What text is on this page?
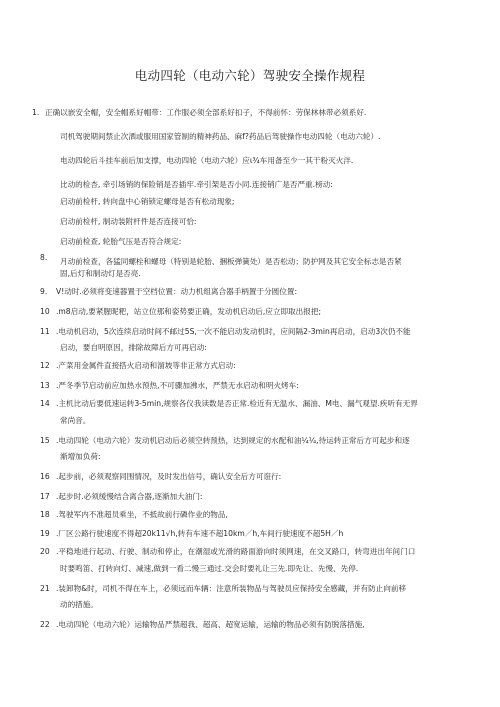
电动四轮（电动六轮）驾驶安全操作规程
1. 正确以嵌安全帽，安全帽系好帽带：工作服必须全部系好扣子，不得前怀：劳保林林带必须系好.
司机驾驶期间禁止次洒或服用国家管制的精神药品、麻f?药品后驾驶操作电动四轮（电动六轮）.
电动四轮后斗挂车前后加支撑，电动四轮（电动六轮）应ι¾车用备至少一其干粉灭火泮.
比动的检杏, 牵引场销的保险销是否插牢.牵引架是否小同.连接销广是否严重.榜动:
启动前检杆, 转向盘中心销锁定螺母是否有松动现象;
启动前检杆, 制动装附杆件是否连接可恰:
启动前检查, 轮胎气压是否符合规定:
8. 月动前检查，各猛同螺栓和螺母（特别是轮胎、捆板弹簧处）是否松动；防护网及其它安全标志是否紧
固,后灯和制动灯是否亮.
9. V!动时.必须将变速器置于空档位置：动力机组离合器手柄置于分圆位置:
10 .m8启动,要紧腥昵粑，站立位那和姿势要正确，发动机启动后,应立即取出报把;
11 .电动机启动，5次连续启动时间不邮过5S,一次不能启动发动机时，应间隔2-3min再启动，启动3次仍不能
启动，要自明原因，排除故障后方可再启动:
12 .产菜用金属件直接搭火启动和溜坡等非正常方式启动:
13 .严冬季节启动前应加热水预热,不可骤加沸水，严禁无水启动和明火烤车:
14 .主机比动后要低速运转3-5min,规察各仪我读数是否正常.检近有无温水、漏油、M电、漏气观望.疾听有无界
常尚音。
15 .电动四轮（电动六轮）发动机启动后必须空转预热，达到规定的水配和油¼¼,待运转正常后方可起步和逐
渐增加负荷:
16 .起步前，必须观察同围情况，及时发出信号，确认安全后方可诳行:
17 .起步时.必须缓慢结合离合器,逐渐加大油门:
18 .驾驶军内不准超员乘坐，不抵故前行磷作业的物品,
19 .厂区公路行驶速度不得超20k11√h,转有车速不超10km／h,车间行驶速度不超5H／h
20 .平稳地进行起动、行驶、制动和停止，在潮湿或光滑的路面游向时须网速，在交叉路口，转弯进出年间门口
时要鸣笛、打转向灯、减速,做到一看二慢三通过.交会时要礼让三先.即先让、先慢、先停.
21 .装卸物&时，司机不得在车上，必须远而车辆：注意所装物品与驾驶员应保持安全感藏，并有防止向前移
动的措施。
22 .电动四轮（电动六轮）运输物品严禁超我、超高、超宽运输，运输的物品必须有防脱落措施,
